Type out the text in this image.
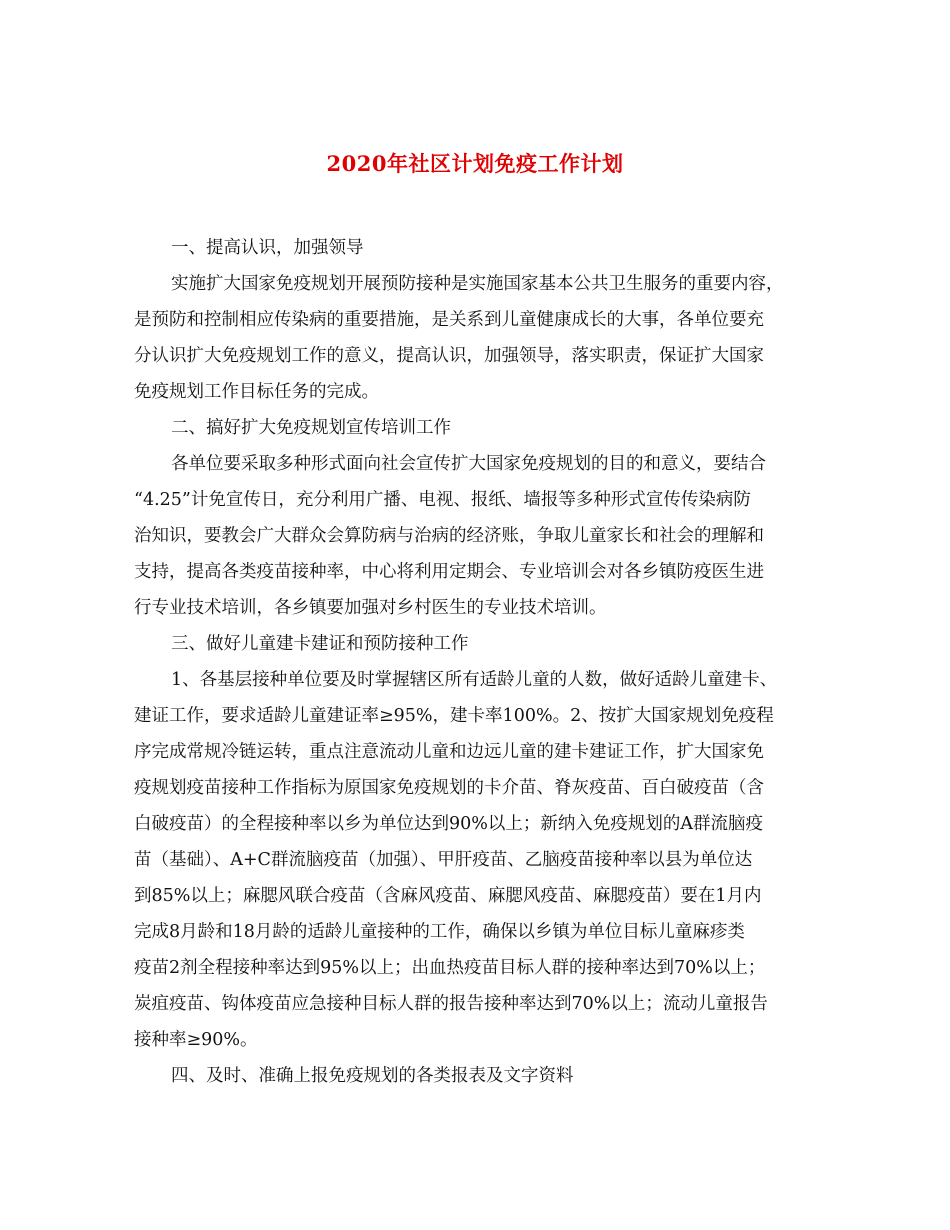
2020年社区计划免疫工作计划
一、提高认识，加强领导
实施扩大国家免疫规划开展预防接种是实施国家基本公共卫生服务的重要内容，
是预防和控制相应传染病的重要措施，是关系到儿童健康成长的大事，各单位要充
分认识扩大免疫规划工作的意义，提高认识，加强领导，落实职责，保证扩大国家
免疫规划工作目标任务的完成。
二、搞好扩大免疫规划宣传培训工作
各单位要采取多种形式面向社会宣传扩大国家免疫规划的目的和意义，要结合
“4.25”计免宣传日，充分利用广播、电视、报纸、墙报等多种形式宣传传染病防
治知识，要教会广大群众会算防病与治病的经济账，争取儿童家长和社会的理解和
支持，提高各类疫苗接种率，中心将利用定期会、专业培训会对各乡镇防疫医生进
行专业技术培训，各乡镇要加强对乡村医生的专业技术培训。
三、做好儿童建卡建证和预防接种工作
1、各基层接种单位要及时掌握辖区所有适龄儿童的人数，做好适龄儿童建卡、
建证工作，要求适龄儿童建证率≥95%，建卡率100%。2、按扩大国家规划免疫程
序完成常规冷链运转，重点注意流动儿童和边远儿童的建卡建证工作，扩大国家免
疫规划疫苗接种工作指标为原国家免疫规划的卡介苗、脊灰疫苗、百白破疫苗（含
白破疫苗）的全程接种率以乡为单位达到90%以上；新纳入免疫规划的A群流脑疫
苗（基础）、A+C群流脑疫苗（加强）、甲肝疫苗、乙脑疫苗接种率以县为单位达
到85%以上；麻腮风联合疫苗（含麻风疫苗、麻腮风疫苗、麻腮疫苗）要在1月内
完成8月龄和18月龄的适龄儿童接种的工作，确保以乡镇为单位目标儿童麻疹类
疫苗2剂全程接种率达到95%以上；出血热疫苗目标人群的接种率达到70%以上；
炭疽疫苗、钩体疫苗应急接种目标人群的报告接种率达到70%以上；流动儿童报告
接种率≥90%。
四、及时、准确上报免疫规划的各类报表及文字资料
